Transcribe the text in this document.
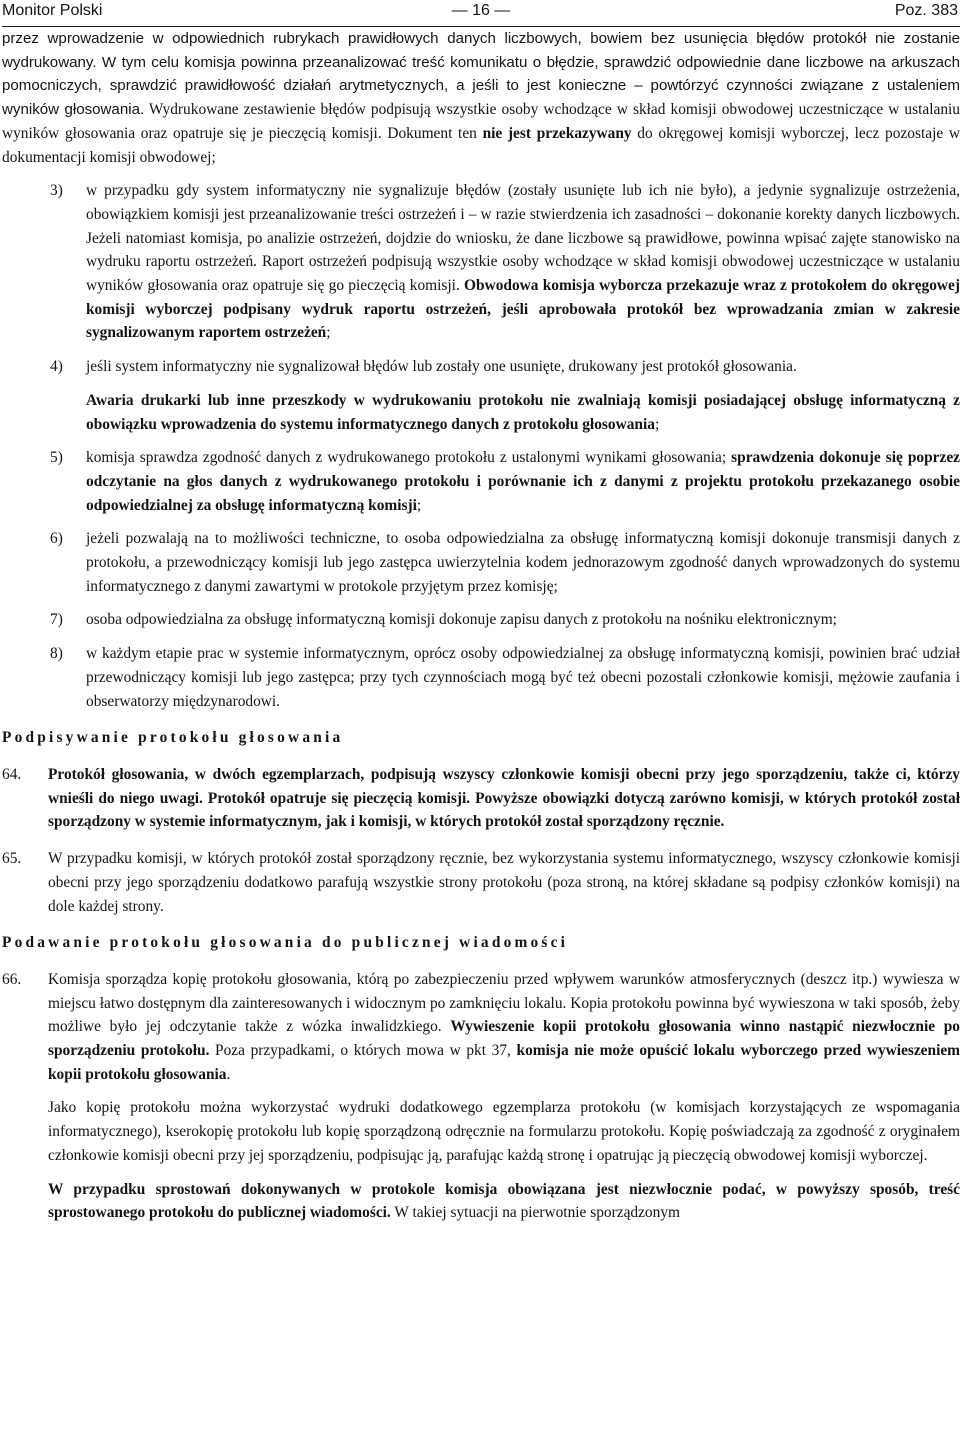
Monitor Polski	— 16 —	Poz. 383

przez wprowadzenie w odpowiednich rubrykach prawidłowych danych liczbowych, bowiem bez usunięcia błędów protokół nie zostanie wydrukowany. W tym celu komisja powinna przeanalizować treść komunikatu o błędzie, sprawdzić odpowiednie dane liczbowe na arkuszach pomocniczych, sprawdzić prawidłowość działań arytmetycznych, a jeśli to jest konieczne – powtórzyć czynności związane z ustaleniem wyników głosowania. Wydrukowane zestawienie błędów podpisują wszystkie osoby wchodzące w skład komisji obwodowej uczestniczące w ustalaniu wyników głosowania oraz opatruje się je pieczęcią komisji. Dokument ten nie jest przekazywany do okręgowej komisji wyborczej, lecz pozostaje w dokumentacji komisji obwodowej;

3) w przypadku gdy system informatyczny nie sygnalizuje błędów (zostały usunięte lub ich nie było), a jedynie sygnalizuje ostrzeżenia, obowiązkiem komisji jest przeanalizowanie treści ostrzeżeń i – w razie stwierdzenia ich zasadności – dokonanie korekty danych liczbowych. Jeżeli natomiast komisja, po analizie ostrzeżeń, dojdzie do wniosku, że dane liczbowe są prawidłowe, powinna wpisać zajęte stanowisko na wydruku raportu ostrzeżeń. Raport ostrzeżeń podpisują wszystkie osoby wchodzące w skład komisji obwodowej uczestniczące w ustalaniu wyników głosowania oraz opatruje się go pieczęcią komisji. Obwodowa komisja wyborcza przekazuje wraz z protokołem do okręgowej komisji wyborczej podpisany wydruk raportu ostrzeżeń, jeśli aprobowała protokół bez wprowadzania zmian w zakresie sygnalizowanym raportem ostrzeżeń;

4) jeśli system informatyczny nie sygnalizował błędów lub zostały one usunięte, drukowany jest protokół głosowania.

Awaria drukarki lub inne przeszkody w wydrukowaniu protokołu nie zwalniają komisji posiadającej obsługę informatyczną z obowiązku wprowadzenia do systemu informatycznego danych z protokołu głosowania;

5) komisja sprawdza zgodność danych z wydrukowanego protokołu z ustalonymi wynikami głosowania; sprawdzenia dokonuje się poprzez odczytanie na głos danych z wydrukowanego protokołu i porównanie ich z danymi z projektu protokołu przekazanego osobie odpowiedzialnej za obsługę informatyczną komisji;

6) jeżeli pozwalają na to możliwości techniczne, to osoba odpowiedzialna za obsługę informatyczną komisji dokonuje transmisji danych z protokołu, a przewodniczący komisji lub jego zastępca uwierzytelnia kodem jednorazowym zgodność danych wprowadzonych do systemu informatycznego z danymi zawartymi w protokole przyjętym przez komisję;

7) osoba odpowiedzialna za obsługę informatyczną komisji dokonuje zapisu danych z protokołu na nośniku elektronicznym;

8) w każdym etapie prac w systemie informatycznym, oprócz osoby odpowiedzialnej za obsługę informatyczną komisji, powinien brać udział przewodniczący komisji lub jego zastępca; przy tych czynnościach mogą być też obecni pozostali członkowie komisji, mężowie zaufania i obserwatorzy międzynarodowi.

Podpisywanie protokołu głosowania

64. Protokół głosowania, w dwóch egzemplarzach, podpisują wszyscy członkowie komisji obecni przy jego sporządzeniu, także ci, którzy wnieśli do niego uwagi. Protokół opatruje się pieczęcią komisji. Powyższe obowiązki dotyczą zarówno komisji, w których protokół został sporządzony w systemie informatycznym, jak i komisji, w których protokół został sporządzony ręcznie.

65. W przypadku komisji, w których protokół został sporządzony ręcznie, bez wykorzystania systemu informatycznego, wszyscy członkowie komisji obecni przy jego sporządzeniu dodatkowo parafują wszystkie strony protokołu (poza stroną, na której składane są podpisy członków komisji) na dole każdej strony.

Podawanie protokołu głosowania do publicznej wiadomości

66. Komisja sporządza kopię protokołu głosowania, którą po zabezpieczeniu przed wpływem warunków atmosferycznych (deszcz itp.) wywiesza w miejscu łatwo dostępnym dla zainteresowanych i widocznym po zamknięciu lokalu. Kopia protokołu powinna być wywieszona w taki sposób, żeby możliwe było jej odczytanie także z wózka inwalidzkiego. Wywieszenie kopii protokołu głosowania winno nastąpić niezwłocznie po sporządzeniu protokołu. Poza przypadkami, o których mowa w pkt 37, komisja nie może opuścić lokalu wyborczego przed wywieszeniem kopii protokołu głosowania.

Jako kopię protokołu można wykorzystać wydruki dodatkowego egzemplarza protokołu (w komisjach korzystających ze wspomagania informatycznego), kserokopię protokołu lub kopię sporządzoną odręcznie na formularzu protokołu. Kopię poświadczają za zgodność z oryginałem członkowie komisji obecni przy jej sporządzeniu, podpisując ją, parafując każdą stronę i opatrując ją pieczęcią obwodowej komisji wyborczej.

W przypadku sprostowań dokonywanych w protokole komisja obowiązana jest niezwłocznie podać, w powyższy sposób, treść sprostowanego protokołu do publicznej wiadomości. W takiej sytuacji na pierwotnie sporządzonym
